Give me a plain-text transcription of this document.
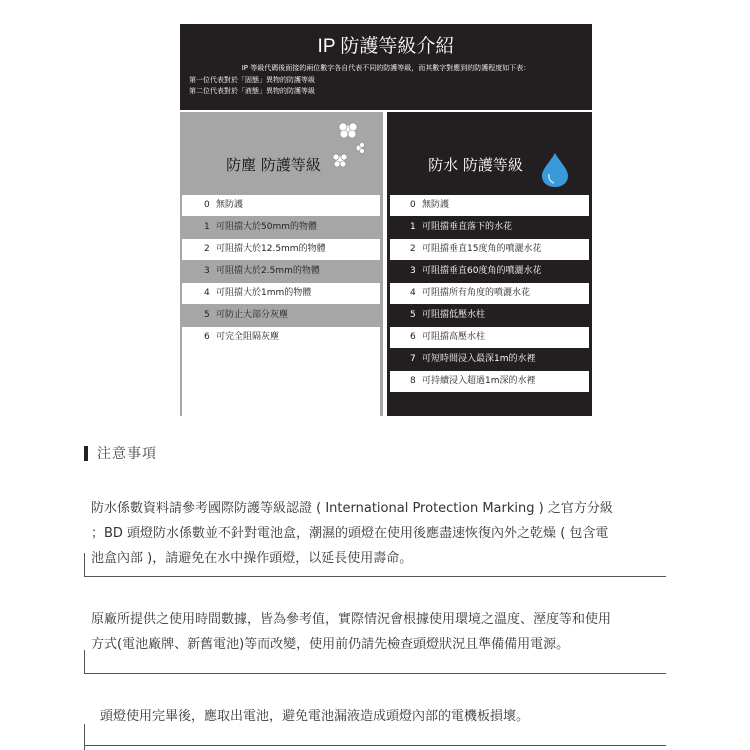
IP 防護等級介紹
IP 等級代碼後面接的兩位數字各自代表不同的防護等級，而其數字對應到的防護程度如下表：
第一位代表對於「固態」異物的防護等級
第二位代表對於「液態」異物的防護等級
防塵 防護等級
0 無防護
1 可阻擋大於50mm的物體
2 可阻擋大於12.5mm的物體
3 可阻擋大於2.5mm的物體
4 可阻擋大於1mm的物體
5 可防止大部分灰塵
6 可完全阻隔灰塵
防水 防護等級
0 無防護
1 可阻擋垂直落下的水花
2 可阻擋垂直15度角的噴灑水花
3 可阻擋垂直60度角的噴灑水花
4 可阻擋所有角度的噴灑水花
5 可阻擋低壓水柱
6 可阻擋高壓水柱
7 可短時間浸入最深1m的水裡
8 可持續浸入超過1m深的水裡
注意事項

防水係數資料請參考國際防護等級認證 ( International Protection Marking ) 之官方分級

；BD 頭燈防水係數並不針對電池盒，潮濕的頭燈在使用後應盡速恢復內外之乾燥 ( 包含電

池盒內部 )，請避免在水中操作頭燈，以延長使用壽命。

原廠所提供之使用時間數據，皆為參考值，實際情況會根據使用環境之溫度、溼度等和使用

方式(電池廠牌、新舊電池)等而改變，使用前仍請先檢查頭燈狀況且準備備用電源。

頭燈使用完畢後，應取出電池，避免電池漏液造成頭燈內部的電機板損壞。
